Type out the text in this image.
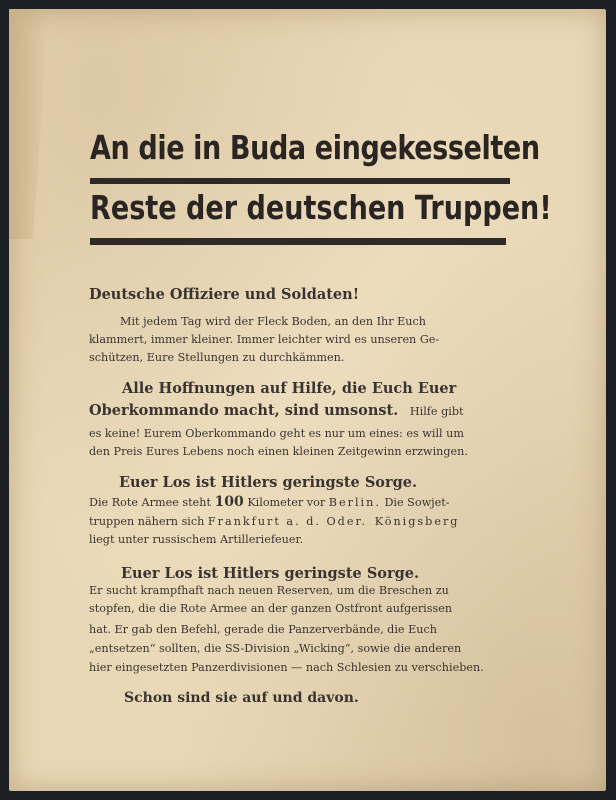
An die in Buda eingekesselten
Reste der deutschen Truppen!
Deutsche Offiziere und Soldaten!
Mit jedem Tag wird der Fleck Boden, an den Ihr Euch
klammert, immer kleiner. Immer leichter wird es unseren Ge-
schützen, Eure Stellungen zu durchkämmen.
Alle Hoffnungen auf Hilfe, die Euch Euer
Oberkommando macht, sind umsonst. Hilfe gibt
es keine! Eurem Oberkommando geht es nur um eines: es will um
den Preis Eures Lebens noch einen kleinen Zeitgewinn erzwingen.
Euer Los ist Hitlers geringste Sorge.
Die Rote Armee steht 100 Kilometer vor Berlin. Die Sowjet-
truppen nähern sich Frankfurt a. d. Oder. Königsberg
liegt unter russischem Artilleriefeuer.
Euer Los ist Hitlers geringste Sorge.
Er sucht krampfhaft nach neuen Reserven, um die Breschen zu
stopfen, die die Rote Armee an der ganzen Ostfront aufgerissen
hat. Er gab den Befehl, gerade die Panzerverbände, die Euch
„entsetzen“ sollten, die SS-Division „Wicking“, sowie die anderen
hier eingesetzten Panzerdivisionen — nach Schlesien zu verschieben.
Schon sind sie auf und davon.
